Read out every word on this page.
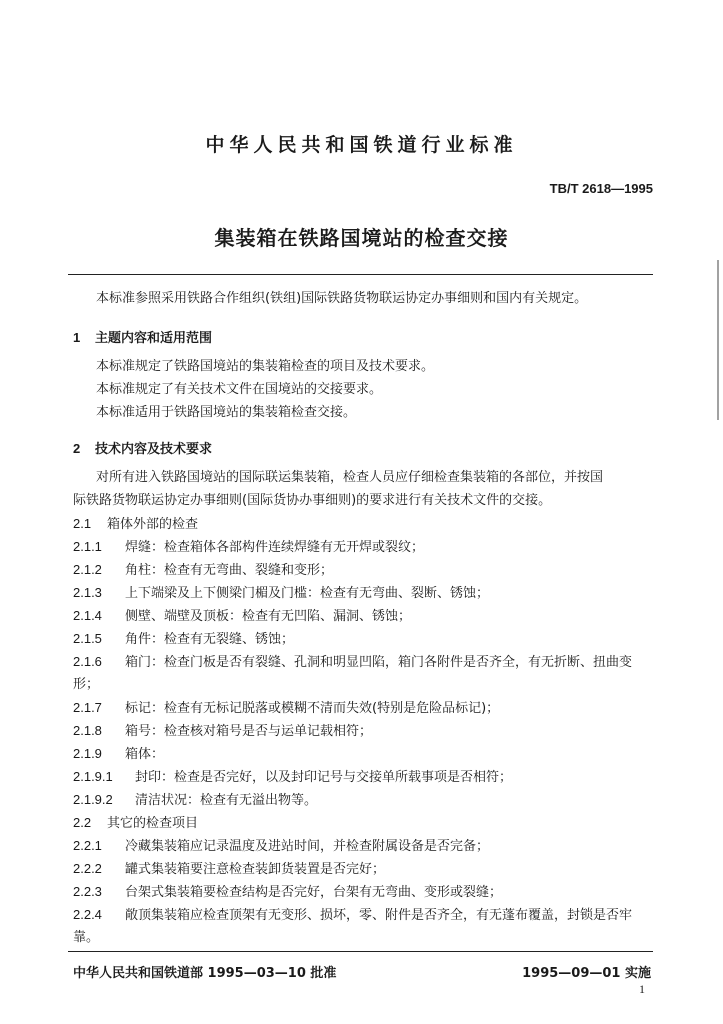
中华人民共和国铁道行业标准
TB/T 2618—1995
集装箱在铁路国境站的检查交接
本标准参照采用铁路合作组织(铁组)国际铁路货物联运协定办事细则和国内有关规定。
1 主题内容和适用范围
本标准规定了铁路国境站的集装箱检查的项目及技术要求。
本标准规定了有关技术文件在国境站的交接要求。
本标准适用于铁路国境站的集装箱检查交接。
2 技术内容及技术要求
对所有进入铁路国境站的国际联运集装箱，检查人员应仔细检查集装箱的各部位，并按国
际铁路货物联运协定办事细则(国际货协办事细则)的要求进行有关技术文件的交接。
2.1 箱体外部的检查
2.1.1 焊缝：检查箱体各部构件连续焊缝有无开焊或裂纹；
2.1.2 角柱：检查有无弯曲、裂缝和变形；
2.1.3 上下端梁及上下侧梁门楣及门槛：检查有无弯曲、裂断、锈蚀；
2.1.4 侧壁、端壁及顶板：检查有无凹陷、漏洞、锈蚀；
2.1.5 角件：检查有无裂缝、锈蚀；
2.1.6 箱门：检查门板是否有裂缝、孔洞和明显凹陷，箱门各附件是否齐全，有无折断、扭曲变
形；
2.1.7 标记：检查有无标记脱落或模糊不清而失效(特别是危险品标记)；
2.1.8 箱号：检查核对箱号是否与运单记载相符；
2.1.9 箱体：
2.1.9.1 封印：检查是否完好，以及封印记号与交接单所载事项是否相符；
2.1.9.2 清洁状况：检查有无溢出物等。
2.2 其它的检查项目
2.2.1 冷藏集装箱应记录温度及进站时间，并检查附属设备是否完备；
2.2.2 罐式集装箱要注意检查装卸货装置是否完好；
2.2.3 台架式集装箱要检查结构是否完好，台架有无弯曲、变形或裂缝；
2.2.4 敞顶集装箱应检查顶架有无变形、损坏，零、附件是否齐全，有无蓬布覆盖，封锁是否牢
靠。
中华人民共和国铁道部 1995—03—10 批准	1995—09—01 实施
1
